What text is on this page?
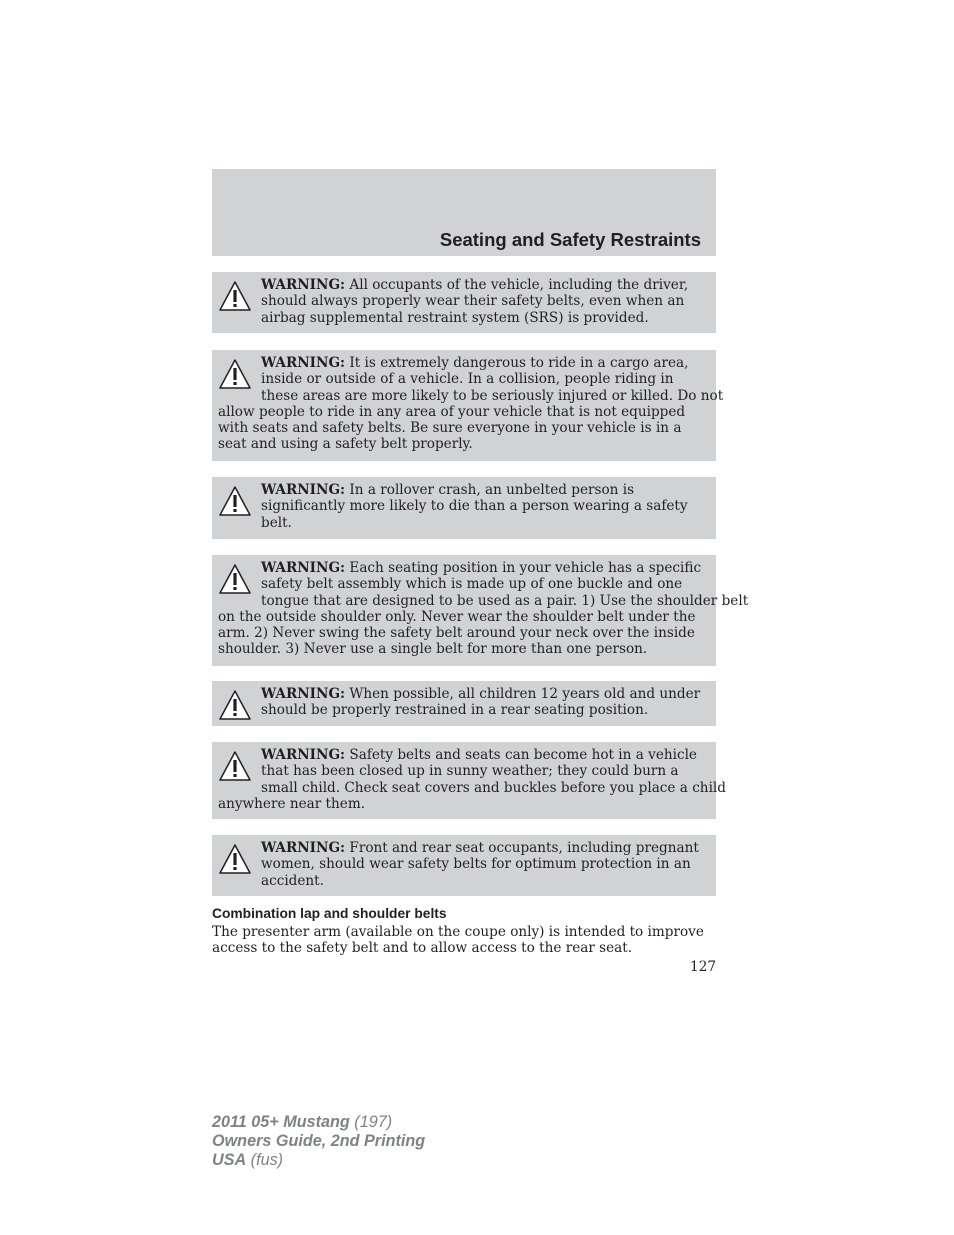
Seating and Safety Restraints

WARNING: All occupants of the vehicle, including the driver,
should always properly wear their safety belts, even when an
airbag supplemental restraint system (SRS) is provided.

WARNING: It is extremely dangerous to ride in a cargo area,
inside or outside of a vehicle. In a collision, people riding in
these areas are more likely to be seriously injured or killed. Do not
allow people to ride in any area of your vehicle that is not equipped
with seats and safety belts. Be sure everyone in your vehicle is in a
seat and using a safety belt properly.

WARNING: In a rollover crash, an unbelted person is
significantly more likely to die than a person wearing a safety
belt.

WARNING: Each seating position in your vehicle has a specific
safety belt assembly which is made up of one buckle and one
tongue that are designed to be used as a pair. 1) Use the shoulder belt
on the outside shoulder only. Never wear the shoulder belt under the
arm. 2) Never swing the safety belt around your neck over the inside
shoulder. 3) Never use a single belt for more than one person.

WARNING: When possible, all children 12 years old and under
should be properly restrained in a rear seating position.

WARNING: Safety belts and seats can become hot in a vehicle
that has been closed up in sunny weather; they could burn a
small child. Check seat covers and buckles before you place a child
anywhere near them.

WARNING: Front and rear seat occupants, including pregnant
women, should wear safety belts for optimum protection in an
accident.

Combination lap and shoulder belts

The presenter arm (available on the coupe only) is intended to improve
access to the safety belt and to allow access to the rear seat.

127
2011 05+ Mustang (197)
Owners Guide, 2nd Printing
USA (fus)
